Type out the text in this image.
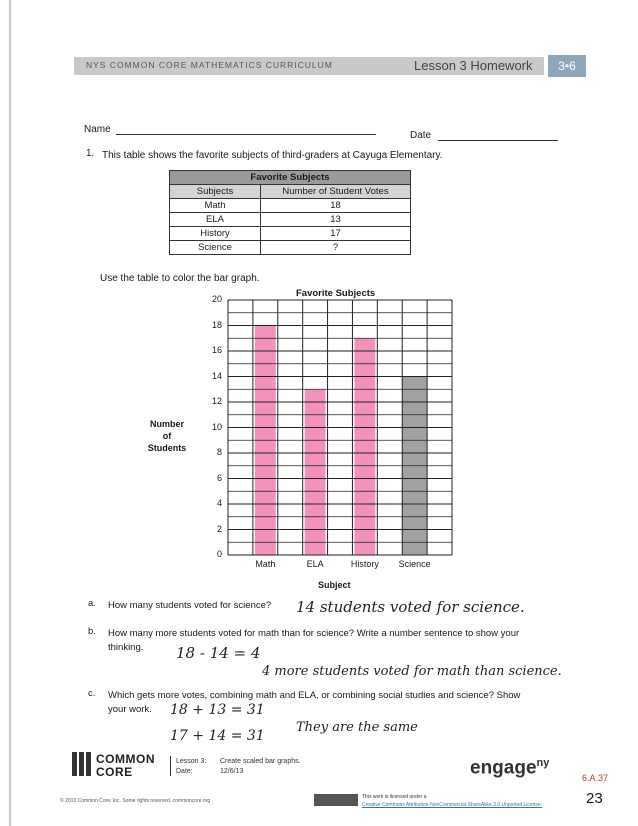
NYS COMMON CORE MATHEMATICS CURRICULUM	Lesson 3 Homework	3•6
Name
Date
1. This table shows the favorite subjects of third-graders at Cayuga Elementary.
Favorite Subjects	
Subjects	Number of Student Votes
Math	18
ELA	13
History	17
Science	?
Use the table to color the bar graph.
Favorite Subjects
Number
of
Students
0
2
4
6
8
10
12
14
16
18
20
Math	ELA	History	Science
Subject
a. How many students voted for science? 14 students voted for science.
b. How many more students voted for math than for science? Write a number sentence to show your
thinking. 18 - 14 = 4
4 more students voted for math than science.
c. Which gets more votes, combining math and ELA, or combining social studies and science? Show
your work. 18 + 13 = 31
17 + 14 = 31
They are the same
COMMON
CORE
Lesson 3: Create scaled bar graphs.
Date:	12/6/13	engage$^{ny}$
6.A.37
23
© 2013 Common Core, Inc. Some rights reserved. commoncore.org
This work is licensed under a
Creative Commons Attribution-NonCommercial-ShareAlike 3.0 Unported License.
